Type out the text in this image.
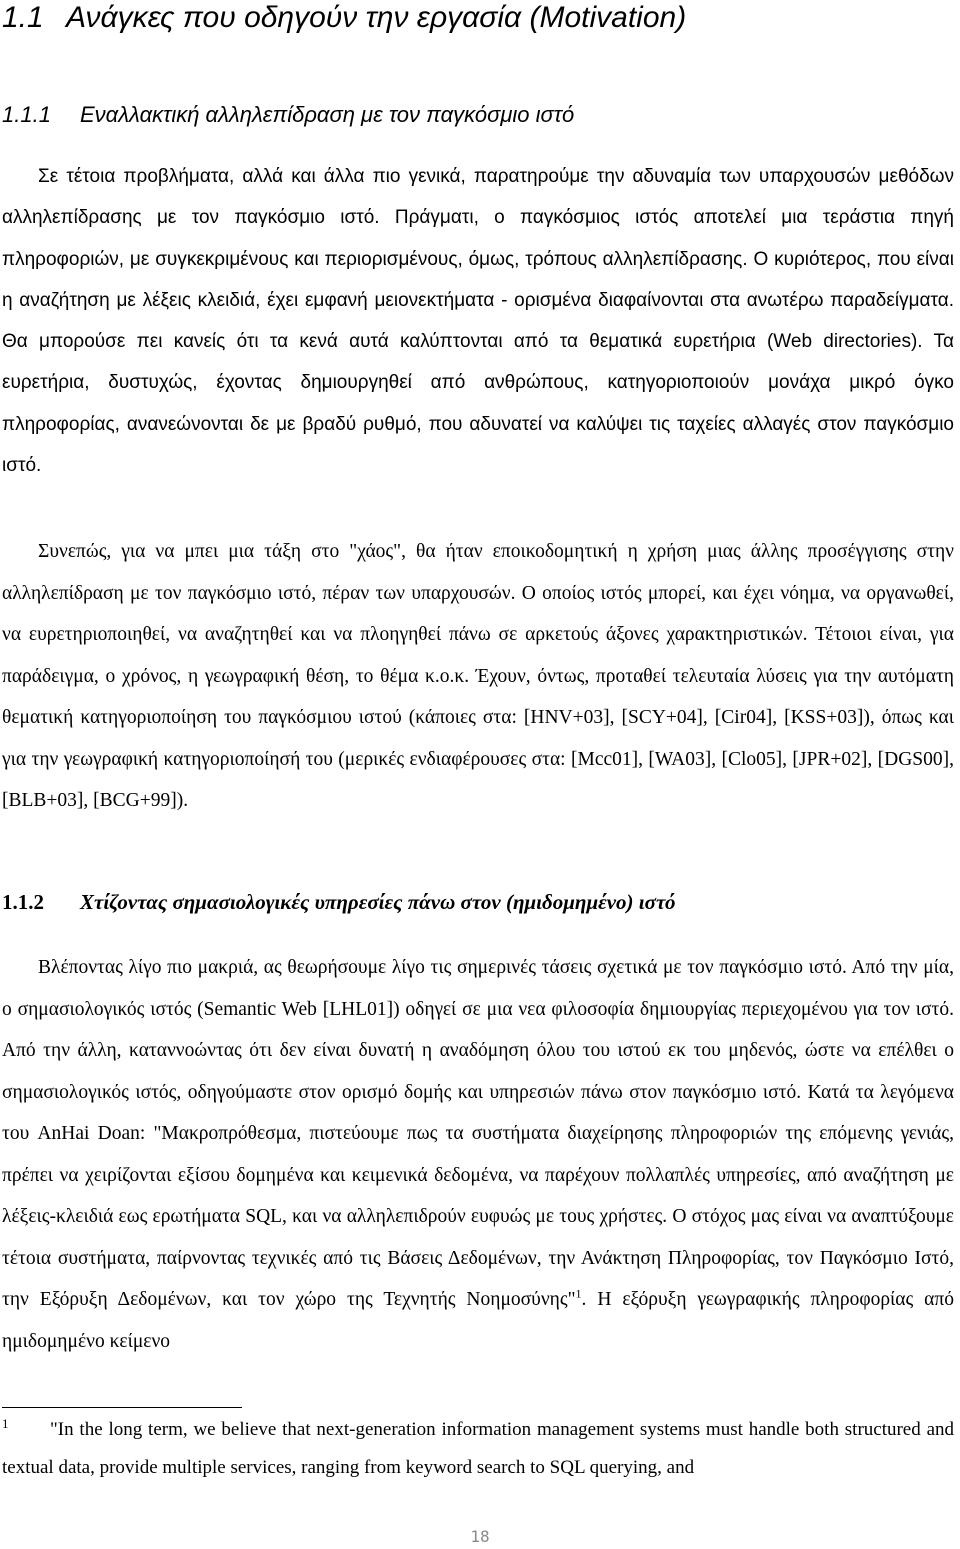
1.1 Ανάγκες που οδηγούν την εργασία (Motivation)
1.1.1 Εναλλακτική αλληλεπίδραση με τον παγκόσμιο ιστό

Σε τέτοια προβλήματα, αλλά και άλλα πιο γενικά, παρατηρούμε την αδυναμία των υπαρχουσών μεθόδων αλληλεπίδρασης με τον παγκόσμιο ιστό. Πράγματι, ο παγκόσμιος ιστός αποτελεί μια τεράστια πηγή πληροφοριών, με συγκεκριμένους και περιορισμένους, όμως, τρόπους αλληλεπίδρασης. Ο κυριότερος, που είναι η αναζήτηση με λέξεις κλειδιά, έχει εμφανή μειονεκτήματα - ορισμένα διαφαίνονται στα ανωτέρω παραδείγματα. Θα μπορούσε πει κανείς ότι τα κενά αυτά καλύπτονται από τα θεματικά ευρετήρια (Web directories). Τα ευρετήρια, δυστυχώς, έχοντας δημιουργηθεί από ανθρώπους, κατηγοριοποιούν μονάχα μικρό όγκο πληροφορίας, ανανεώνονται δε με βραδύ ρυθμό, που αδυνατεί να καλύψει τις ταχείες αλλαγές στον παγκόσμιο ιστό.

Συνεπώς, για να μπει μια τάξη στο "χάος", θα ήταν εποικοδομητική η χρήση μιας άλλης προσέγγισης στην αλληλεπίδραση με τον παγκόσμιο ιστό, πέραν των υπαρχουσών. Ο οποίος ιστός μπορεί, και έχει νόημα, να οργανωθεί, να ευρετηριοποιηθεί, να αναζητηθεί και να πλοηγηθεί πάνω σε αρκετούς άξονες χαρακτηριστικών. Τέτοιοι είναι, για παράδειγμα, ο χρόνος, η γεωγραφική θέση, το θέμα κ.ο.κ. Έχουν, όντως, προταθεί τελευταία λύσεις για την αυτόματη θεματική κατηγοριοποίηση του παγκόσμιου ιστού (κάποιες στα: [HNV+03], [SCY+04], [Cir04], [KSS+03]), όπως και για την γεωγραφική κατηγοριοποίησή του (μερικές ενδιαφέρουσες στα: [Mcc01], [WA03], [Clo05], [JPR+02], [DGS00], [BLB+03], [BCG+99]).

1.1.2 Χτίζοντας σημασιολογικές υπηρεσίες πάνω στον (ημιδομημένο) ιστό

Βλέποντας λίγο πιο μακριά, ας θεωρήσουμε λίγο τις σημερινές τάσεις σχετικά με τον παγκόσμιο ιστό. Από την μία, ο σημασιολογικός ιστός (Semantic Web [LHL01]) οδηγεί σε μια νεα φιλοσοφία δημιουργίας περιεχομένου για τον ιστό. Από την άλλη, καταννοώντας ότι δεν είναι δυνατή η αναδόμηση όλου του ιστού εκ του μηδενός, ώστε να επέλθει ο σημασιολογικός ιστός, οδηγούμαστε στον ορισμό δομής και υπηρεσιών πάνω στον παγκόσμιο ιστό. Κατά τα λεγόμενα του AnHai Doan: "Μακροπρόθεσμα, πιστεύουμε πως τα συστήματα διαχείρησης πληροφοριών της επόμενης γενιάς, πρέπει να χειρίζονται εξίσου δομημένα και κειμενικά δεδομένα, να παρέχουν πολλαπλές υπηρεσίες, από αναζήτηση με λέξεις-κλειδιά εως ερωτήματα SQL, και να αλληλεπιδρούν ευφυώς με τους χρήστες. Ο στόχος μας είναι να αναπτύξουμε τέτοια συστήματα, παίρνοντας τεχνικές από τις Βάσεις Δεδομένων, την Ανάκτηση Πληροφορίας, τον Παγκόσμιο Ιστό, την Εξόρυξη Δεδομένων, και τον χώρο της Τεχνητής Νοημοσύνης"$^1$. Η εξόρυξη γεωγραφικής πληροφορίας από ημιδομημένο κείμενο

1 "In the long term, we believe that next-generation information management systems must handle both structured and textual data, provide multiple services, ranging from keyword search to SQL querying, and

18
